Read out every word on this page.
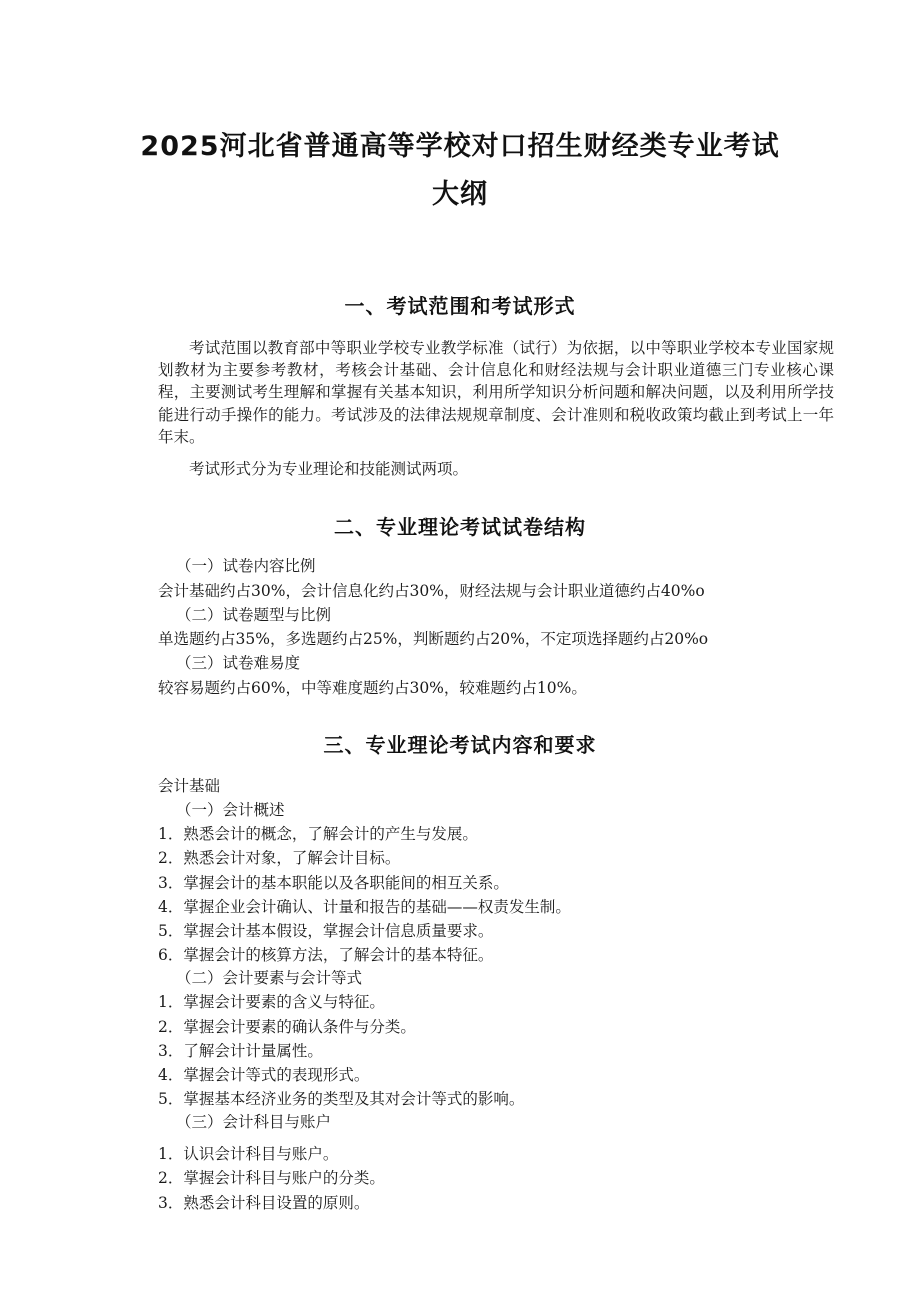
2025河北省普通高等学校对口招生财经类专业考试
大纲
一、考试范围和考试形式

考试范围以教育部中等职业学校专业教学标准（试行）为依据，以中等职业学校本专业国家规划教材为主要参考教材，考核会计基础、会计信息化和财经法规与会计职业道德三门专业核心课程，主要测试考生理解和掌握有关基本知识，利用所学知识分析问题和解决问题，以及利用所学技能进行动手操作的能力。考试涉及的法律法规规章制度、会计准则和税收政策均截止到考试上一年年末。

考试形式分为专业理论和技能测试两项。

二、专业理论考试试卷结构

（一）试卷内容比例

会计基础约占30%，会计信息化约占30%，财经法规与会计职业道德约占40%o

（二）试卷题型与比例

单选题约占35%，多选题约占25%，判断题约占20%，不定项选择题约占20%o

（三）试卷难易度

较容易题约占60%，中等难度题约占30%，较难题约占10%。

三、专业理论考试内容和要求

会计基础

（一）会计概述

1．熟悉会计的概念，了解会计的产生与发展。

2．熟悉会计对象，了解会计目标。

3．掌握会计的基本职能以及各职能间的相互关系。

4．掌握企业会计确认、计量和报告的基础——权责发生制。

5．掌握会计基本假设，掌握会计信息质量要求。

6．掌握会计的核算方法，了解会计的基本特征。

（二）会计要素与会计等式

1．掌握会计要素的含义与特征。

2．掌握会计要素的确认条件与分类。

3．了解会计计量属性。

4．掌握会计等式的表现形式。

5．掌握基本经济业务的类型及其对会计等式的影响。

（三）会计科目与账户

1．认识会计科目与账户。

2．掌握会计科目与账户的分类。

3．熟悉会计科目设置的原则。
